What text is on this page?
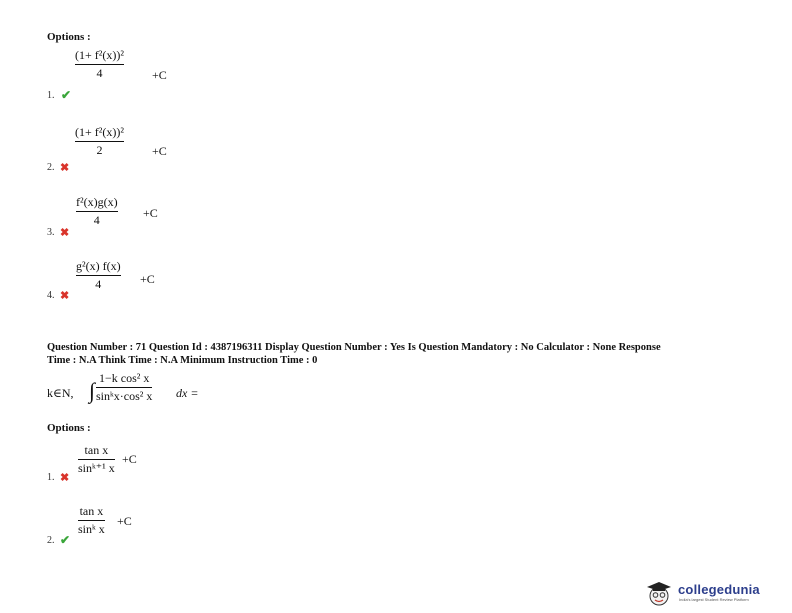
Options :
(1+ f²(x))²
4	+C
1. ✔
(1+ f²(x))²
2	+C
2. ✖
f²(x)g(x)
4	+C
3. ✖
g²(x) f(x)
4	+C
4. ✖
Question Number : 71 Question Id : 4387196311 Display Question Number : Yes Is Question Mandatory : No Calculator : None Response
Time : N.A Think Time : N.A Minimum Instruction Time : 0
k∈N, ∫ 1−k cos² x
sinᵏx·cos² x dx =
Options :
tan x
sinᵏ⁺¹ x
+C
1. ✖
tan x
sinᵏ x
+C
2. ✔
collegedunia
India's largest Student Review Platform
